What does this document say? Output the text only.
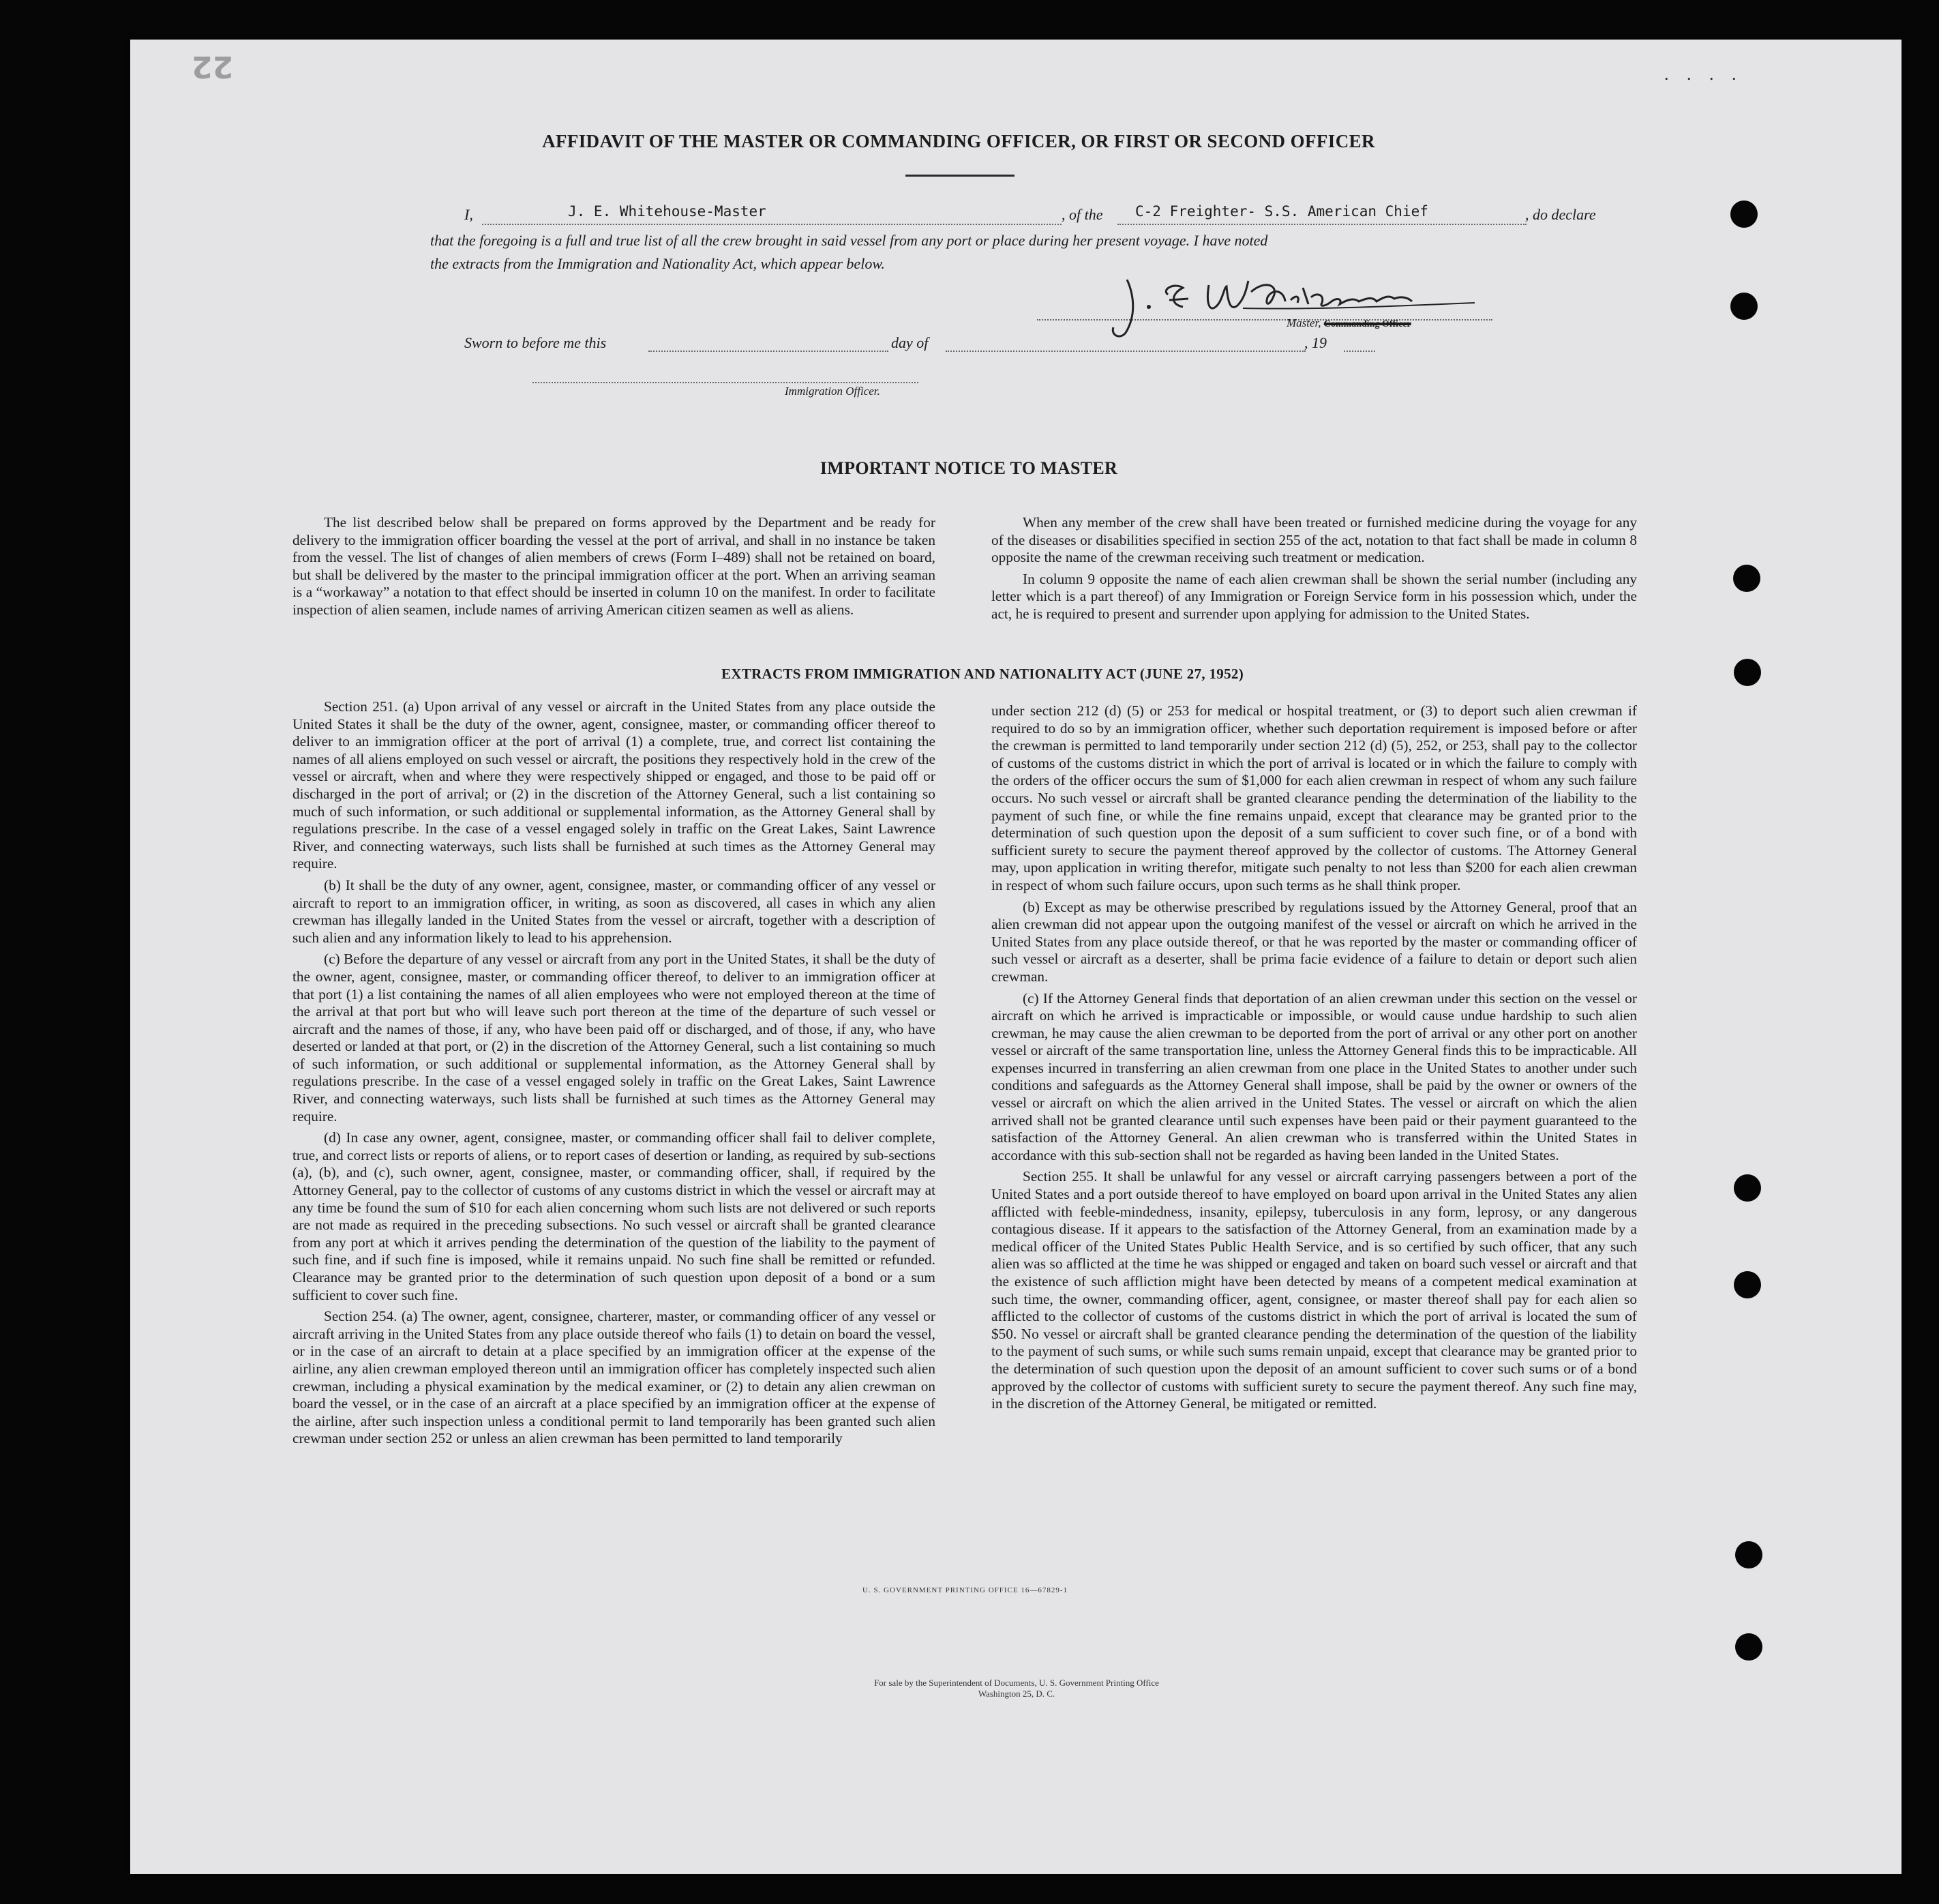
22	. . . .
AFFIDAVIT OF THE MASTER OR COMMANDING OFFICER, OR FIRST OR SECOND OFFICER
I,	J. E. Whitehouse-Master	, of the C-2 Freighter- S.S. American Chief	, do declare
that the foregoing is a full and true list of all the crew brought in said vessel from any port or place during her present voyage. I have noted
the extracts from the Immigration and Nationality Act, which appear below.
Master, Commanding Officer
Sworn to before me this	day of	, 19
Immigration Officer.
IMPORTANT NOTICE TO MASTER

The list described below shall be prepared on forms approved by the Department and be ready for delivery to the immigration officer boarding the vessel at the port of arrival, and shall in no instance be taken from the vessel. The list of changes of alien members of crews (Form I–489) shall not be retained on board, but shall be delivered by the master to the principal immigration officer at the port. When an arriving seaman is a “workaway” a notation to that effect should be inserted in column 10 on the manifest. In order to facilitate inspection of alien seamen, include names of arriving American citizen seamen as well as aliens.

When any member of the crew shall have been treated or furnished medicine during the voyage for any of the diseases or disabilities specified in section 255 of the act, notation to that fact shall be made in column 8 opposite the name of the crewman receiving such treatment or medication.

In column 9 opposite the name of each alien crewman shall be shown the serial number (including any letter which is a part thereof) of any Immigration or Foreign Service form in his possession which, under the act, he is required to present and surrender upon applying for admission to the United States.

EXTRACTS FROM IMMIGRATION AND NATIONALITY ACT (JUNE 27, 1952)

Section 251. (a) Upon arrival of any vessel or aircraft in the United States from any place outside the United States it shall be the duty of the owner, agent, consignee, master, or commanding officer thereof to deliver to an immigration officer at the port of arrival (1) a complete, true, and correct list containing the names of all aliens employed on such vessel or aircraft, the positions they respectively hold in the crew of the vessel or aircraft, when and where they were respectively shipped or engaged, and those to be paid off or discharged in the port of arrival; or (2) in the discretion of the Attorney General, such a list containing so much of such information, or such additional or supplemental information, as the Attorney General shall by regulations prescribe. In the case of a vessel engaged solely in traffic on the Great Lakes, Saint Lawrence River, and connecting waterways, such lists shall be furnished at such times as the Attorney General may require.

(b) It shall be the duty of any owner, agent, consignee, master, or commanding officer of any vessel or aircraft to report to an immigration officer, in writing, as soon as discovered, all cases in which any alien crewman has illegally landed in the United States from the vessel or aircraft, together with a description of such alien and any information likely to lead to his apprehension.

(c) Before the departure of any vessel or aircraft from any port in the United States, it shall be the duty of the owner, agent, consignee, master, or commanding officer thereof, to deliver to an immigration officer at that port (1) a list containing the names of all alien employees who were not employed thereon at the time of the arrival at that port but who will leave such port thereon at the time of the departure of such vessel or aircraft and the names of those, if any, who have been paid off or discharged, and of those, if any, who have deserted or landed at that port, or (2) in the discretion of the Attorney General, such a list containing so much of such information, or such additional or supplemental information, as the Attorney General shall by regulations prescribe. In the case of a vessel engaged solely in traffic on the Great Lakes, Saint Lawrence River, and connecting waterways, such lists shall be furnished at such times as the Attorney General may require.

(d) In case any owner, agent, consignee, master, or commanding officer shall fail to deliver complete, true, and correct lists or reports of aliens, or to report cases of desertion or landing, as required by sub-sections (a), (b), and (c), such owner, agent, consignee, master, or commanding officer, shall, if required by the Attorney General, pay to the collector of customs of any customs district in which the vessel or aircraft may at any time be found the sum of $10 for each alien concerning whom such lists are not delivered or such reports are not made as required in the preceding subsections. No such vessel or aircraft shall be granted clearance from any port at which it arrives pending the determination of the question of the liability to the payment of such fine, and if such fine is imposed, while it remains unpaid. No such fine shall be remitted or refunded. Clearance may be granted prior to the determination of such question upon deposit of a bond or a sum sufficient to cover such fine.

Section 254. (a) The owner, agent, consignee, charterer, master, or commanding officer of any vessel or aircraft arriving in the United States from any place outside thereof who fails (1) to detain on board the vessel, or in the case of an aircraft to detain at a place specified by an immigration officer at the expense of the airline, any alien crewman employed thereon until an immigration officer has completely inspected such alien crewman, including a physical examination by the medical examiner, or (2) to detain any alien crewman on board the vessel, or in the case of an aircraft at a place specified by an immigration officer at the expense of the airline, after such inspection unless a conditional permit to land temporarily has been granted such alien crewman under section 252 or unless an alien crewman has been permitted to land temporarily

under section 212 (d) (5) or 253 for medical or hospital treatment, or (3) to deport such alien crewman if required to do so by an immigration officer, whether such deportation requirement is imposed before or after the crewman is permitted to land temporarily under section 212 (d) (5), 252, or 253, shall pay to the collector of customs of the customs district in which the port of arrival is located or in which the failure to comply with the orders of the officer occurs the sum of $1,000 for each alien crewman in respect of whom any such failure occurs. No such vessel or aircraft shall be granted clearance pending the determination of the liability to the payment of such fine, or while the fine remains unpaid, except that clearance may be granted prior to the determination of such question upon the deposit of a sum sufficient to cover such fine, or of a bond with sufficient surety to secure the payment thereof approved by the collector of customs. The Attorney General may, upon application in writing therefor, mitigate such penalty to not less than $200 for each alien crewman in respect of whom such failure occurs, upon such terms as he shall think proper.

(b) Except as may be otherwise prescribed by regulations issued by the Attorney General, proof that an alien crewman did not appear upon the outgoing manifest of the vessel or aircraft on which he arrived in the United States from any place outside thereof, or that he was reported by the master or commanding officer of such vessel or aircraft as a deserter, shall be prima facie evidence of a failure to detain or deport such alien crewman.

(c) If the Attorney General finds that deportation of an alien crewman under this section on the vessel or aircraft on which he arrived is impracticable or impossible, or would cause undue hardship to such alien crewman, he may cause the alien crewman to be deported from the port of arrival or any other port on another vessel or aircraft of the same transportation line, unless the Attorney General finds this to be impracticable. All expenses incurred in transferring an alien crewman from one place in the United States to another under such conditions and safeguards as the Attorney General shall impose, shall be paid by the owner or owners of the vessel or aircraft on which the alien arrived in the United States. The vessel or aircraft on which the alien arrived shall not be granted clearance until such expenses have been paid or their payment guaranteed to the satisfaction of the Attorney General. An alien crewman who is transferred within the United States in accordance with this sub-section shall not be regarded as having been landed in the United States.

Section 255. It shall be unlawful for any vessel or aircraft carrying passengers between a port of the United States and a port outside thereof to have employed on board upon arrival in the United States any alien afflicted with feeble-mindedness, insanity, epilepsy, tuberculosis in any form, leprosy, or any dangerous contagious disease. If it appears to the satisfaction of the Attorney General, from an examination made by a medical officer of the United States Public Health Service, and is so certified by such officer, that any such alien was so afflicted at the time he was shipped or engaged and taken on board such vessel or aircraft and that the existence of such affliction might have been detected by means of a competent medical examination at such time, the owner, commanding officer, agent, consignee, or master thereof shall pay for each alien so afflicted to the collector of customs of the customs district in which the port of arrival is located the sum of $50. No vessel or aircraft shall be granted clearance pending the determination of the question of the liability to the payment of such sums, or while such sums remain unpaid, except that clearance may be granted prior to the determination of such question upon the deposit of an amount sufficient to cover such sums or of a bond approved by the collector of customs with sufficient surety to secure the payment thereof. Any such fine may, in the discretion of the Attorney General, be mitigated or remitted.

U. S. GOVERNMENT PRINTING OFFICE 16—67829-1
For sale by the Superintendent of Documents, U. S. Government Printing Office
Washington 25, D. C.
